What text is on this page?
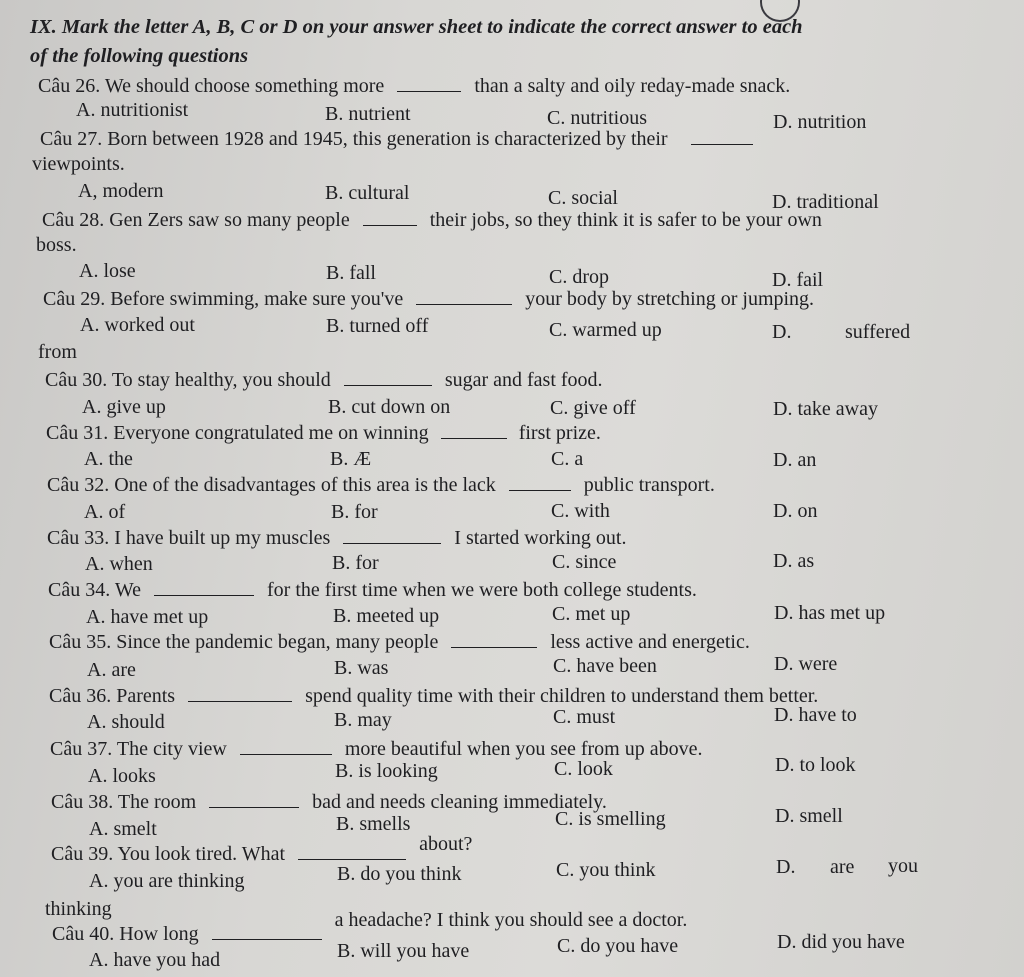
IX. Mark the letter A, B, C or D on your answer sheet to indicate the correct answer to each
of the following questions
Câu 26. We should choose something more	than a salty and oily reday-made snack.
A. nutritionist	B. nutrient	C. nutritious	D. nutrition
Câu 27. Born between 1928 and 1945, this generation is characterized by their
viewpoints.
A, modern	B. cultural	C. social	D. traditional
Câu 28. Gen Zers saw so many people	their jobs, so they think it is safer to be your own
boss.
A. lose	B. fall	C. drop	D. fail
Câu 29. Before swimming, make sure you've	your body by stretching or jumping.
A. worked out	B. turned off	C. warmed up	D.	suffered
from
Câu 30. To stay healthy, you should	sugar and fast food.
A. give up	B. cut down on	C. give off	D. take away
Câu 31. Everyone congratulated me on winning	first prize.
A. the	B. Æ	C. a	D. an
Câu 32. One of the disadvantages of this area is the lack	public transport.
A. of	B. for	C. with	D. on
Câu 33. I have built up my muscles	I started working out.
A. when	B. for	C. since	D. as
Câu 34. We	for the first time when we were both college students.
A. have met up	B. meeted up	C. met up	D. has met up
Câu 35. Since the pandemic began, many people	less active and energetic.
A. are	B. was	C. have been	D. were
Câu 36. Parents	spend quality time with their children to understand them better.
A. should	B. may	C. must	D. have to
Câu 37. The city view	more beautiful when you see from up above.
A. looks	B. is looking	C. look	D. to look
Câu 38. The room	bad and needs cleaning immediately.
A. smelt	B. smells	C. is smelling	D. smell
Câu 39. You look tired. What	about?
A. you are thinking	B. do you think	C. you think	D. are you
thinking
Câu 40. How long  a headache? I think you should see a doctor.
A. have you had	B. will you have	C. do you have	D. did you have
